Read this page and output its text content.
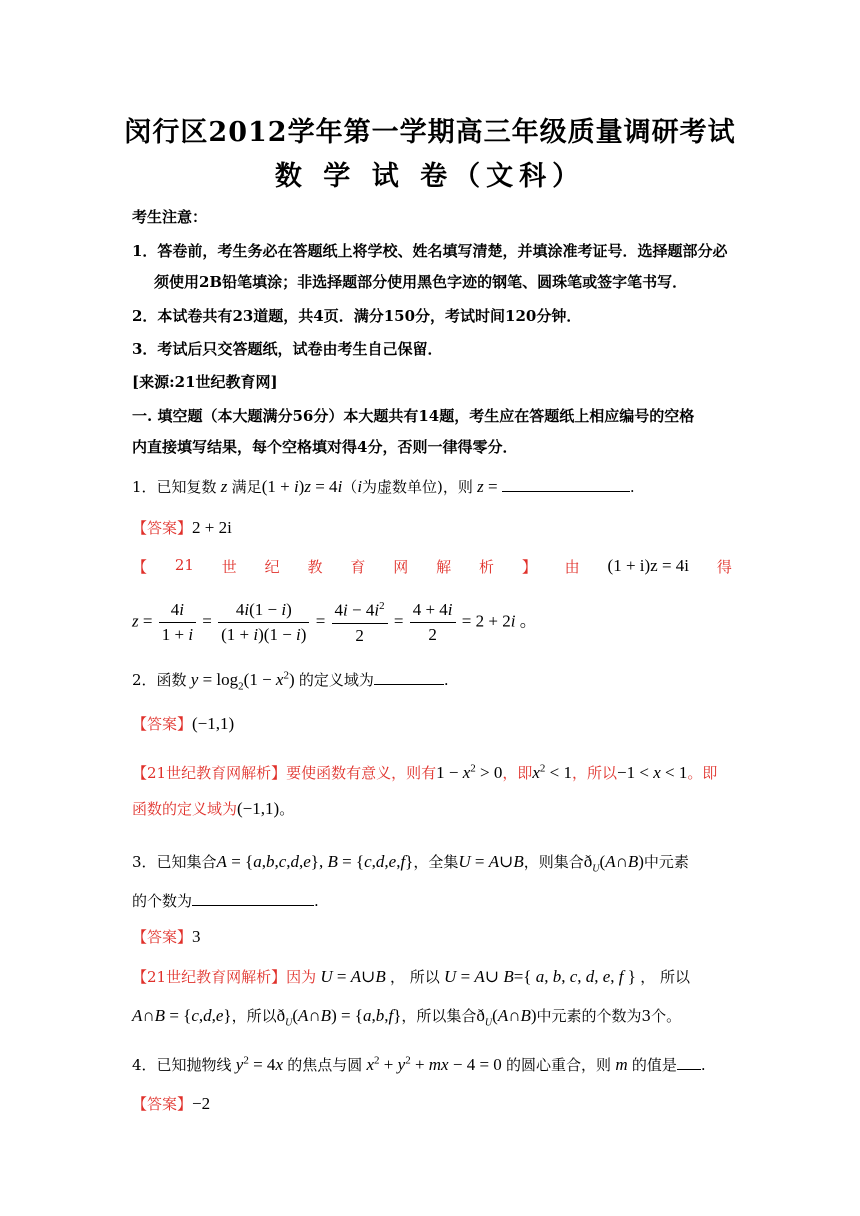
闵行区2012学年第一学期高三年级质量调研考试
数 学 试 卷（文科）
考生注意：
1．答卷前，考生务必在答题纸上将学校、姓名填写清楚，并填涂准考证号．选择题部分必
须使用2B铅笔填涂；非选择题部分使用黑色字迹的钢笔、圆珠笔或签字笔书写．
2．本试卷共有23道题，共4页．满分150分，考试时间120分钟．
3．考试后只交答题纸，试卷由考生自己保留．
[来源:21世纪教育网]
一. 填空题（本大题满分56分）本大题共有14题，考生应在答题纸上相应编号的空格
内直接填写结果，每个空格填对得4分，否则一律得零分．
1．已知复数 z 满足(1 + i)z = 4i（i为虚数单位)，则 z =	.
【答案】2 + 2i
【 21 世 纪 教 育 网 解 析 】 由 (1 + i)z = 4i 得
$z = \frac{4i}{1 + i} = \frac{4i(1 - i)}{(1 + i)(1 - i)} = \frac{4i - 4i^2}{2} = \frac{4 + 4i}{2} = 2 + 2i$ 。
2．函数 $y = \log_2(1 - x^2)$ 的定义域为	.
【答案】(−1,1)
【21世纪教育网解析】要使函数有意义，则有$1 - x^2 > 0$，即$x^2 < 1$，所以−1 < x < 1。即
函数的定义域为(−1,1)。
3．已知集合A = {a,b,c,d,e}, B = {c,d,e,f}，全集U = A∪B，则集合$ð_U(A\cap B)$中元素
的个数为	.
【答案】3
【21世纪教育网解析】因为 U = A∪B ， 所以 U = A∪ B={ a, b, c, d, e, f } ， 所以
A∩B = {c,d,e}，所以$ð_U(A\cap B) = \{a,b,f\}$，所以集合$ð_U(A\cap B)$中元素的个数为3个。
4．已知抛物线 $y^2 = 4x$ 的焦点与圆 $x^2 + y^2$ + mx − 4 = 0 的圆心重合，则 m 的值是 .
【答案】−2
